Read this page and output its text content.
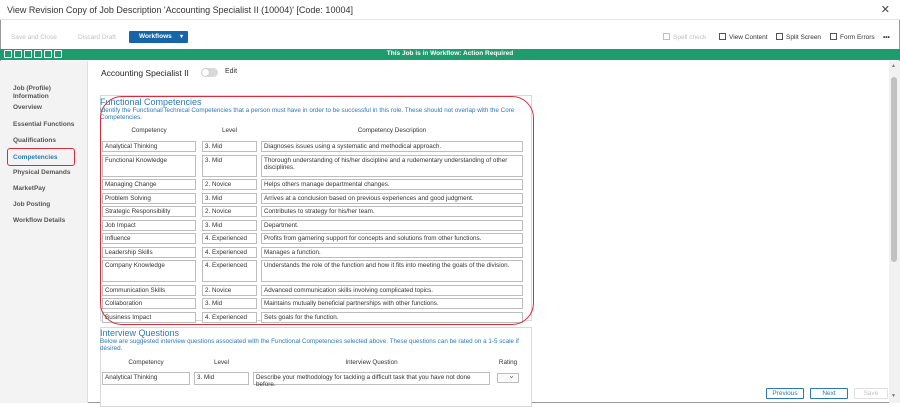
View Revision Copy of Job Description 'Accounting Specialist II (10004)' [Code: 10004]	✕
Save and Close	Discard Draft	Workflows ▾	Spell check	View Content	Split Screen	Form Errors •••
This Job is in Workflow: Action Required
Job (Profile)
Information
Overview
Essential Functions
Qualifications
Competencies
Physical Demands
MarketPay
Job Posting
Workflow Details
Accounting Specialist II	Edit
Functional Competencies
Identify the Functional/Technical Competencies that a person must have in order to be successful in this role. These should not overlap with the Core Competencies.
Competency	Level	Competency Description
Analytical Thinking	3. Mid	Diagnoses issues using a systematic and methodical approach.
Functional Knowledge	3. Mid	Thorough understanding of his/her discipline and a rudementary understanding of other disciplines.
Managing Change	2. Novice	Helps others manage departmental changes.
Problem Solving	3. Mid	Arrives at a conclusion based on previous experiences and good judgment.
Strategic Responsibility	2. Novice	Contributes to strategy for his/her team.
Job Impact	3. Mid	Department.
Influence	4. Experienced	Profits from garnering support for concepts and solutions from other functions.
Leadership Skills	4. Experienced	Manages a function.
Company Knowledge	4. Experienced	Understands the role of the function and how it fits into meeting the goals of the division.
Communication Skills	2. Novice	Advanced communication skills involving complicated topics.
Collaboration	3. Mid	Maintains mutually beneficial partnerships with other functions.
Business Impact	4. Experienced	Sets goals for the function.
Interview Questions
Below are suggested interview questions associated with the Functional Competencies selected above. These questions can be rated on a 1-5 scale if desired.
Competency	Level	Interview Question	Rating
Analytical Thinking	3. Mid	Describe your methodology for tackling a difficult task that you have not done before.
⌄
▲
▼
Previous	Next	Save
